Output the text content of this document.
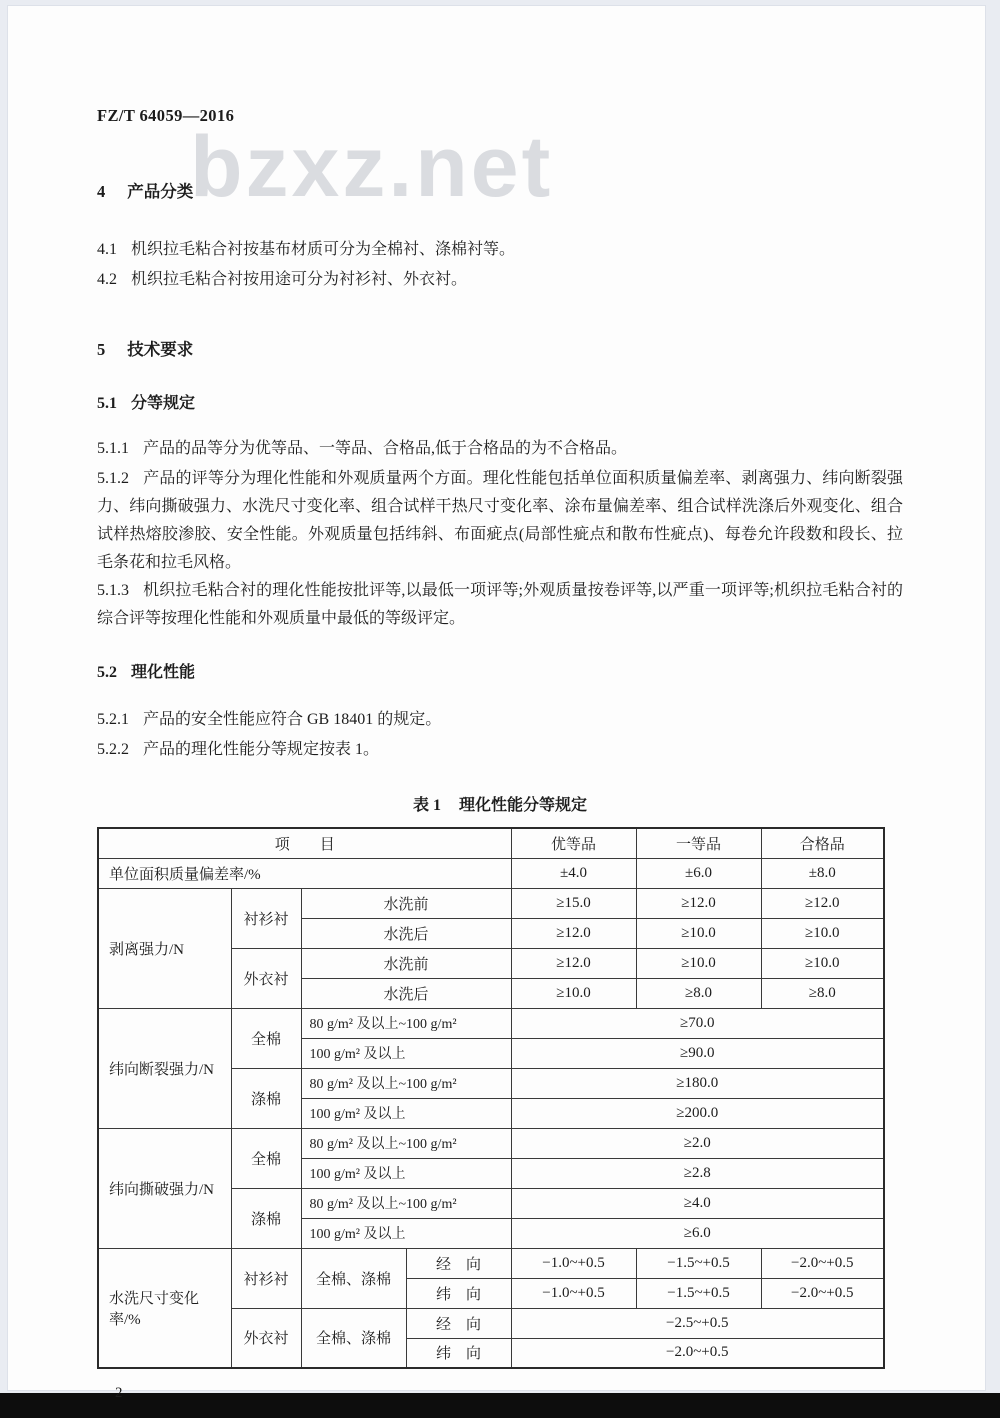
bzxz.net
FZ/T 64059—2016
4 产品分类
4.1 机织拉毛粘合衬按基布材质可分为全棉衬、涤棉衬等。
4.2 机织拉毛粘合衬按用途可分为衬衫衬、外衣衬。
5 技术要求
5.1 分等规定
5.1.1 产品的品等分为优等品、一等品、合格品,低于合格品的为不合格品。
5.1.2 产品的评等分为理化性能和外观质量两个方面。理化性能包括单位面积质量偏差率、剥离强力、纬向断裂强力、纬向撕破强力、水洗尺寸变化率、组合试样干热尺寸变化率、涂布量偏差率、组合试样洗涤后外观变化、组合试样热熔胶渗胶、安全性能。外观质量包括纬斜、布面疵点(局部性疵点和散布性疵点)、每卷允许段数和段长、拉毛条花和拉毛风格。
5.1.3 机织拉毛粘合衬的理化性能按批评等,以最低一项评等;外观质量按卷评等,以严重一项评等;机织拉毛粘合衬的综合评等按理化性能和外观质量中最低的等级评定。
5.2 理化性能
5.2.1 产品的安全性能应符合 GB 18401 的规定。
5.2.2 产品的理化性能分等规定按表 1。
表 1 理化性能分等规定
项　　目				优等品	一等品	合格品
单位面积质量偏差率/%				±4.0	±6.0	±8.0
剥离强力/N	衬衫衬	水洗前		≥15.0	≥12.0	≥12.0
		水洗后		≥12.0	≥10.0	≥10.0
	外衣衬	水洗前		≥12.0	≥10.0	≥10.0
		水洗后		≥10.0	≥8.0	≥8.0
纬向断裂强力/N	全棉	80 g/m² 及以上~100 g/m²		≥70.0		
		100 g/m² 及以上		≥90.0		
	涤棉	80 g/m² 及以上~100 g/m²		≥180.0		
		100 g/m² 及以上		≥200.0		
纬向撕破强力/N	全棉	80 g/m² 及以上~100 g/m²		≥2.0		
		100 g/m² 及以上		≥2.8		
	涤棉	80 g/m² 及以上~100 g/m²		≥4.0		
		100 g/m² 及以上		≥6.0		
水洗尺寸变化率/%	衬衫衬	全棉、涤棉	经　向	−1.0~+0.5	−1.5~+0.5	−2.0~+0.5
			纬　向	−1.0~+0.5	−1.5~+0.5	−2.0~+0.5
	外衣衬	全棉、涤棉	经　向	−2.5~+0.5		
			纬　向	−2.0~+0.5		
2
